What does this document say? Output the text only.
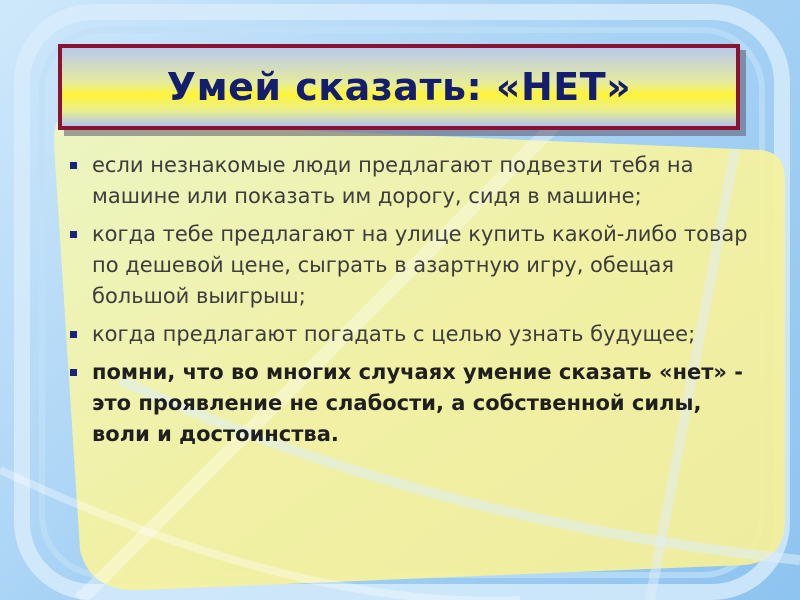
Умей сказать: «НЕТ»
если незнакомые люди предлагают подвезти тебя на машине или показать им дорогу, сидя в машине;
когда тебе предлагают на улице купить какой-либо товар по дешевой цене, сыграть в азартную игру, обещая большой выигрыш;
когда предлагают погадать с целью узнать будущее;
помни, что во многих случаях умение сказать «нет» - это проявление не слабости, а собственной силы, воли и достоинства.
